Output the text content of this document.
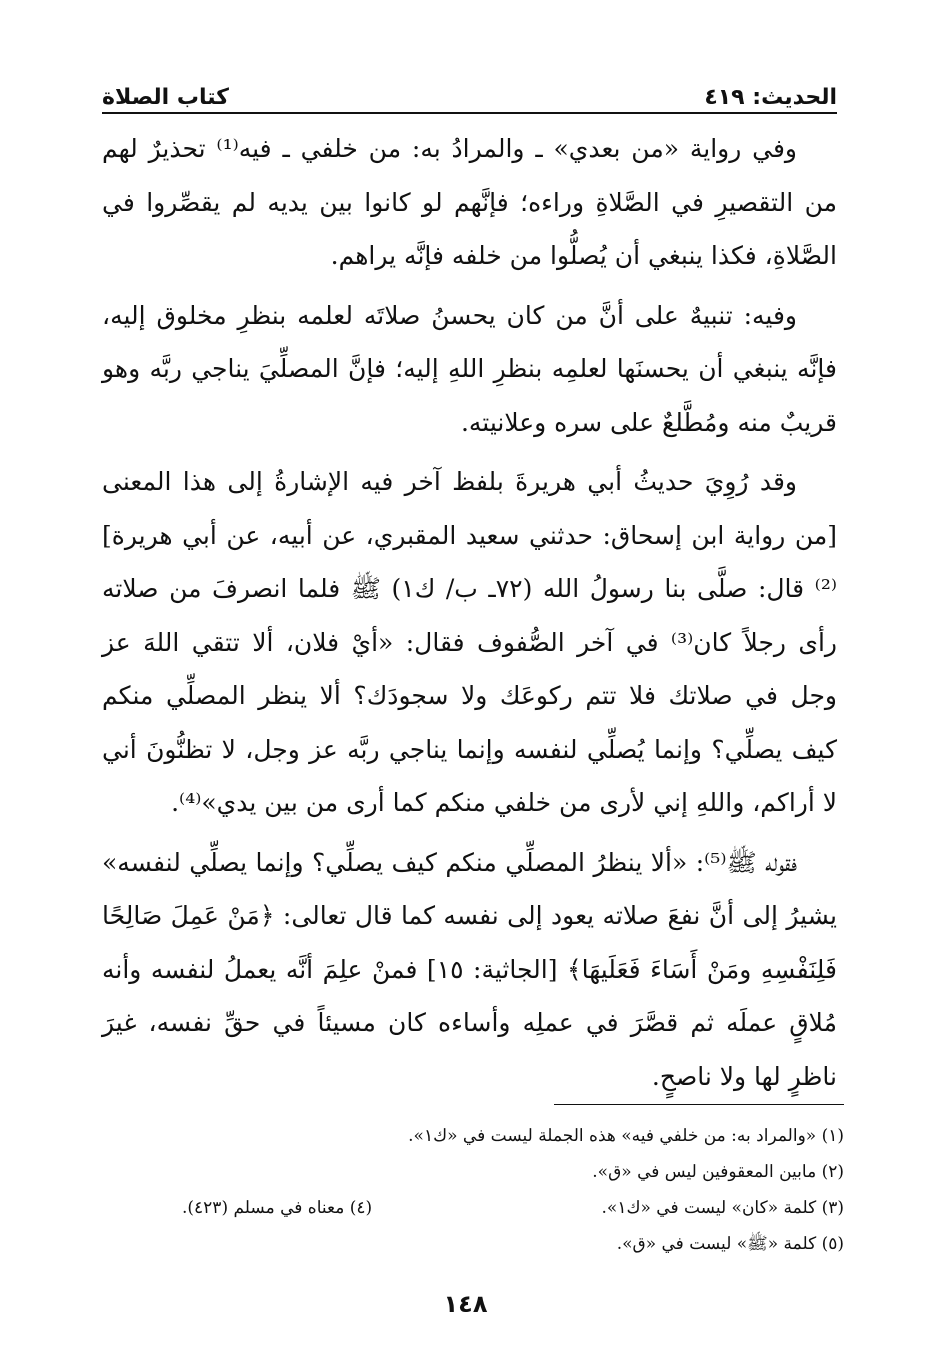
الحديث: ٤١٩
كتاب الصلاة

وفي رواية «من بعدي» ـ والمرادُ به: من خلفي ـ فيه⁽¹⁾ تحذيرٌ لهم من التقصيرِ في الصَّلاةِ وراءه؛ فإنَّهم لو كانوا بين يديه لم يقصِّروا في الصَّلاةِ، فكذا ينبغي أن يُصلُّوا من خلفه فإنَّه يراهم.

وفيه: تنبيهٌ على أنَّ من كان يحسنُ صلاتَه لعلمه بنظرِ مخلوق إليه، فإنَّه ينبغي أن يحسنَها لعلمِه بنظرِ اللهِ إليه؛ فإنَّ المصلِّيَ يناجي ربَّه وهو قريبٌ منه ومُطَّلعٌ على سره وعلانيته.

وقد رُوِيَ حديثُ أبي هريرةَ بلفظ آخر فيه الإشارةُ إلى هذا المعنى [من رواية ابن إسحاق: حدثني سعيد المقبري، عن أبيه، عن أبي هريرة]⁽²⁾ قال: صلَّى بنا رسولُ الله (٧٢ـ ب/ ك١) ﷺ فلما انصرفَ من صلاته رأى رجلاً كان⁽³⁾ في آخر الصُّفوف فقال: «أيْ فلان، ألا تتقي اللهَ عز وجل في صلاتك فلا تتم ركوعَك ولا سجودَك؟ ألا ينظر المصلِّي منكم كيف يصلِّي؟ وإنما يُصلِّي لنفسه وإنما يناجي ربَّه عز وجل، لا تظنُّونَ أني لا أراكم، واللهِ إني لأرى من خلفي منكم كما أرى من بين يدي»⁽⁴⁾.

فقوله ﷺ⁽⁵⁾: «ألا ينظرُ المصلِّي منكم كيف يصلِّي؟ وإنما يصلِّي لنفسه» يشيرُ إلى أنَّ نفعَ صلاته يعود إلى نفسه كما قال تعالى: ﴿مَنْ عَمِلَ صَالِحًا فَلِنَفْسِهِ ومَنْ أَسَاءَ فَعَلَيهَا﴾ [الجاثية: ١٥] فمنْ علِمَ أنَّه يعملُ لنفسه وأنه مُلاقٍ عملَه ثم قصَّرَ في عملِه وأساءه كان مسيئاً في حقِّ نفسه، غيرَ ناظرٍ لها ولا ناصحٍ.

(١) «والمراد به: من خلفي فيه» هذه الجملة ليست في «ك١».
(٢) مابين المعقوفين ليس في «ق».
(٣) كلمة «كان» ليست في «ك١».
(٤) معناه في مسلم (٤٢٣).
(٥) كلمة «ﷺ» ليست في «ق».
١٤٨
